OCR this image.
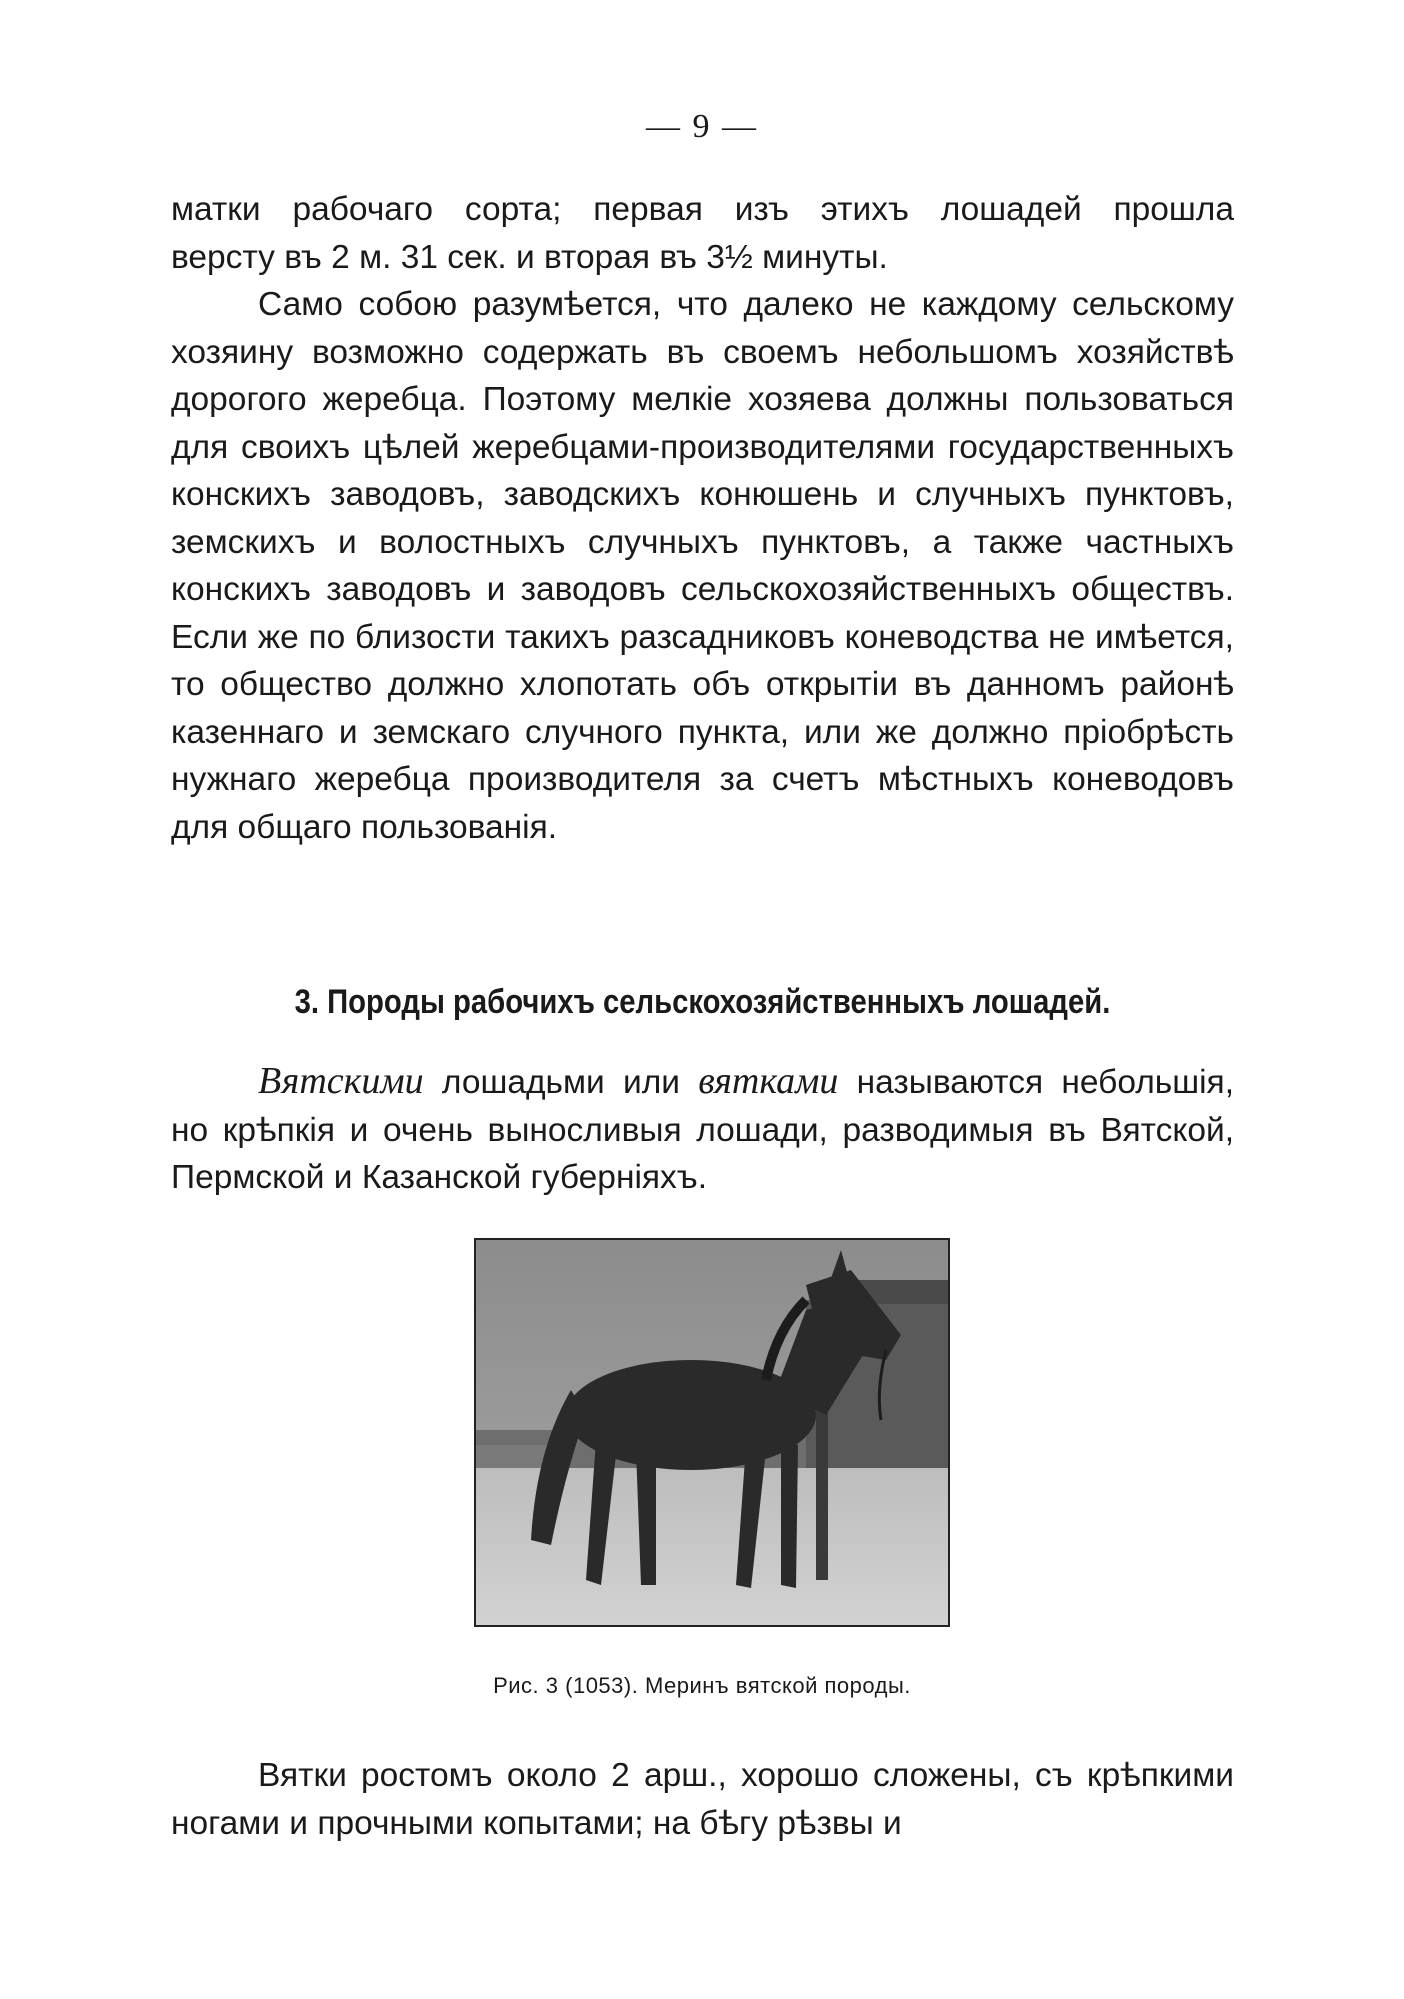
— 9 —

матки рабочаго сорта; первая изъ этихъ лошадей прошла

версту въ 2 м. 31 сек. и вторая въ 3½ минуты.

Само собою разумѣется, что далеко не каждому сельскому хозяину возможно содержать въ своемъ небольшомъ хозяйствѣ дорогого жеребца. Поэтому мелкіе хозяева должны пользоваться для своихъ цѣлей жеребцами-производителями государственныхъ конскихъ заводовъ, заводскихъ конюшень и случныхъ пунктовъ, земскихъ и волостныхъ случныхъ пунктовъ, а также частныхъ конскихъ заводовъ и заводовъ сельскохозяйственныхъ обществъ. Если же по близости такихъ разсадниковъ коневодства не имѣется, то общество должно хлопотать объ открытіи въ данномъ районѣ казеннаго и земскаго случного пункта, или же должно пріобрѣсть нужнаго жеребца производителя за счетъ мѣстныхъ коневодовъ для общаго пользованія.

3. Породы рабочихъ сельскохозяйственныхъ лошадей.

Вятскими лошадьми или вятками называются небольшія, но крѣпкія и очень выносливыя лошади, разводимыя въ Вятской, Пермской и Казанской губерніяхъ.

Рис. 3 (1053). Меринъ вятской породы.

Вятки ростомъ около 2 арш., хорошо сложены, съ крѣпкими ногами и прочными копытами; на бѣгу рѣзвы и
